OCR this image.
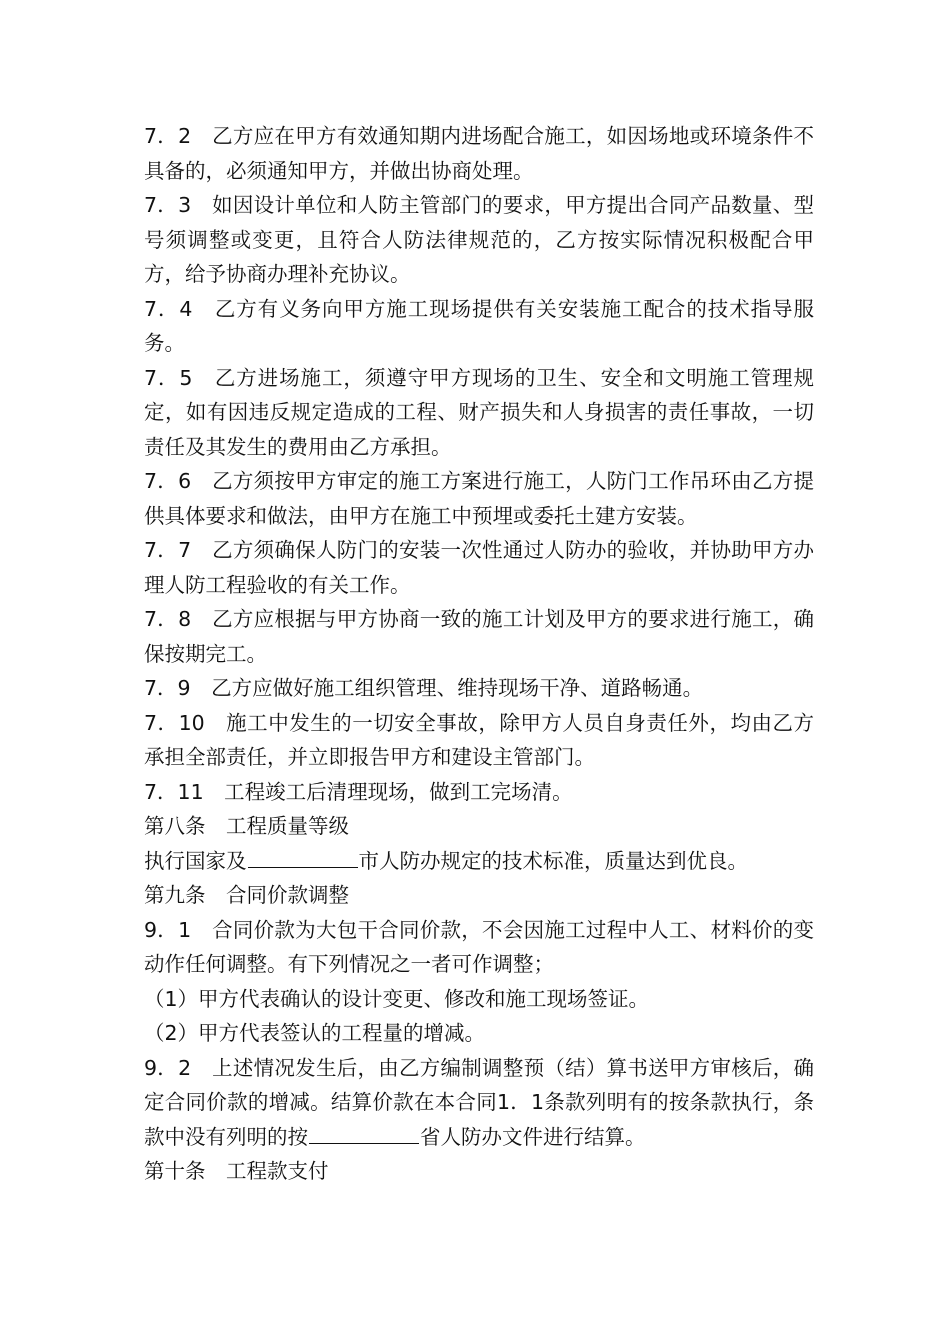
7．2　乙方应在甲方有效通知期内进场配合施工，如因场地或环境条件不具备的，必须通知甲方，并做出协商处理。

7．3　如因设计单位和人防主管部门的要求，甲方提出合同产品数量、型号须调整或变更，且符合人防法律规范的，乙方按实际情况积极配合甲方，给予协商办理补充协议。

7．4　乙方有义务向甲方施工现场提供有关安装施工配合的技术指导服务。

7．5　乙方进场施工，须遵守甲方现场的卫生、安全和文明施工管理规定，如有因违反规定造成的工程、财产损失和人身损害的责任事故，一切责任及其发生的费用由乙方承担。

7．6　乙方须按甲方审定的施工方案进行施工，人防门工作吊环由乙方提供具体要求和做法，由甲方在施工中预埋或委托土建方安装。

7．7　乙方须确保人防门的安装一次性通过人防办的验收，并协助甲方办理人防工程验收的有关工作。

7．8　乙方应根据与甲方协商一致的施工计划及甲方的要求进行施工，确保按期完工。

7．9　乙方应做好施工组织管理、维持现场干净、道路畅通。

7．10　施工中发生的一切安全事故，除甲方人员自身责任外，均由乙方承担全部责任，并立即报告甲方和建设主管部门。

7．11　工程竣工后清理现场，做到工完场清。

第八条　工程质量等级

执行国家及	市人防办规定的技术标准，质量达到优良。

第九条　合同价款调整

9．1　合同价款为大包干合同价款，不会因施工过程中人工、材料价的变动作任何调整。有下列情况之一者可作调整；

（1）甲方代表确认的设计变更、修改和施工现场签证。

（2）甲方代表签认的工程量的增减。

9．2　上述情况发生后，由乙方编制调整预（结）算书送甲方审核后，确定合同价款的增减。结算价款在本合同1．1条款列明有的按条款执行，条款中没有列明的按	省人防办文件进行结算。

第十条　工程款支付
